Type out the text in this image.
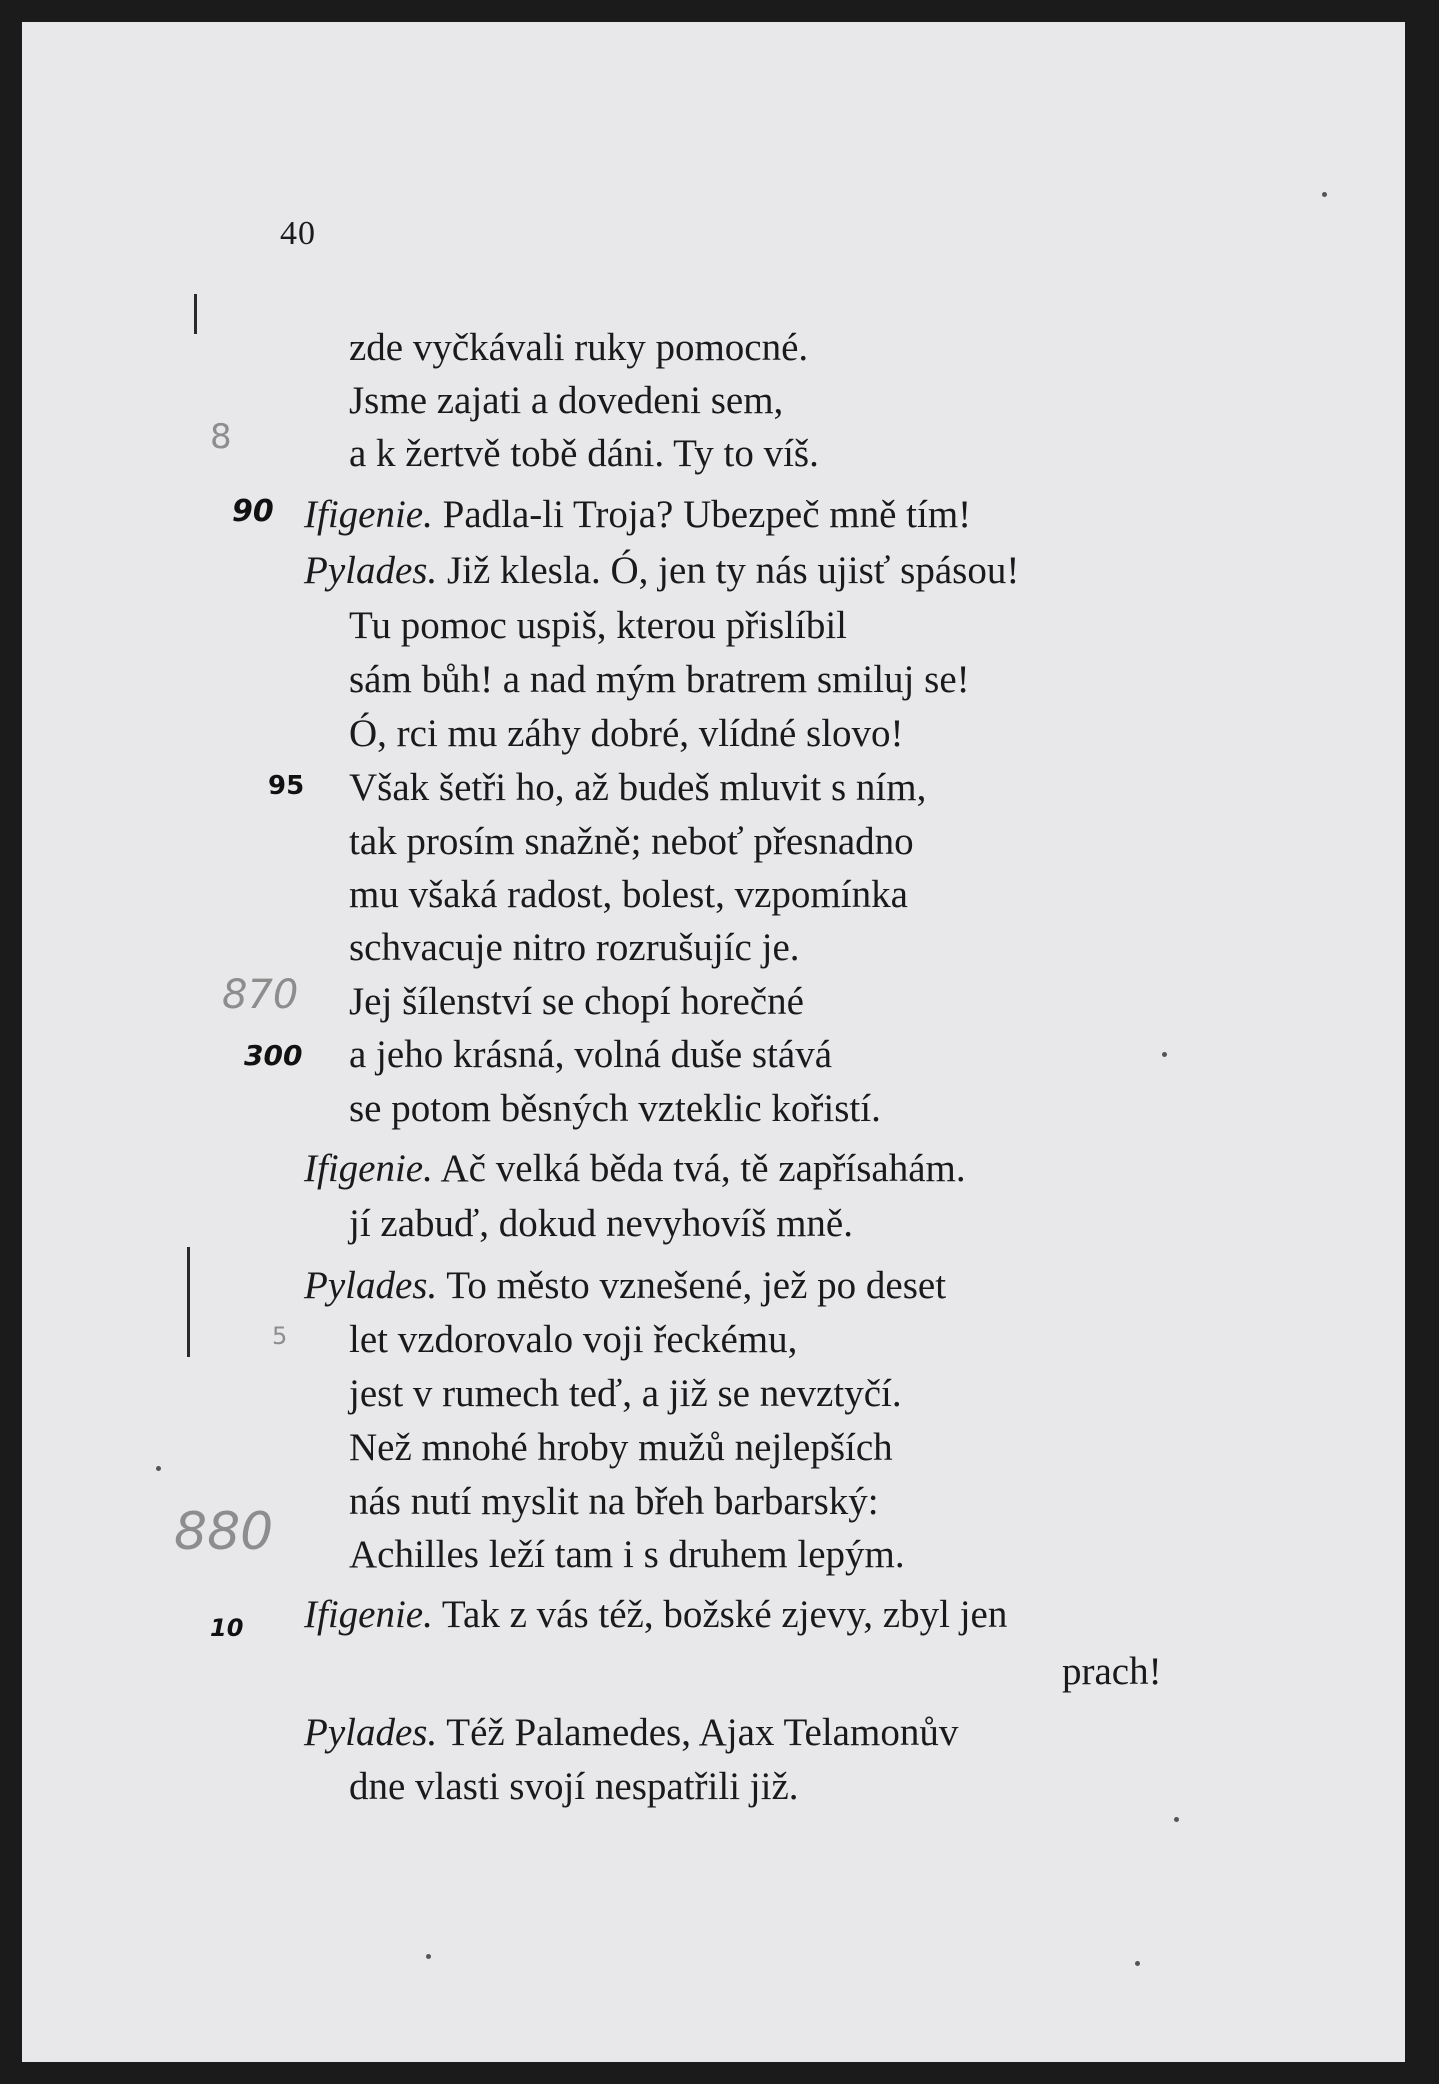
40
zde vyčkávali ruky pomocné.
Jsme zajati a dovedeni sem,
a k žertvě tobě dáni. Ty to víš.
Ifigenie. Padla-li Troja? Ubezpeč mně tím!
Pylades. Již klesla. Ó, jen ty nás ujisť spásou!
Tu pomoc uspiš, kterou přislíbil
sám bůh! a nad mým bratrem smiluj se!
Ó, rci mu záhy dobré, vlídné slovo!
Však šetři ho, až budeš mluvit s ním,
tak prosím snažně; neboť přesnadno
mu všaká radost, bolest, vzpomínka
schvacuje nitro rozrušujíc je.
Jej šílenství se chopí horečné
a jeho krásná, volná duše stává
se potom běsných vzteklic kořistí.
Ifigenie. Ač velká běda tvá, tě zapřísahám.
jí zabuď, dokud nevyhovíš mně.
Pylades. To město vznešené, jež po deset
let vzdorovalo voji řeckému,
jest v rumech teď, a již se nevztyčí.
Než mnohé hroby mužů nejlepších
nás nutí myslit na břeh barbarský:
Achilles leží tam i s druhem lepým.
Ifigenie. Tak z vás též, božské zjevy, zbyl jen
prach!
Pylades. Též Palamedes, Ajax Telamonův
dne vlasti svojí nespatřili již.
8
90
95
870
300
5
880
10
